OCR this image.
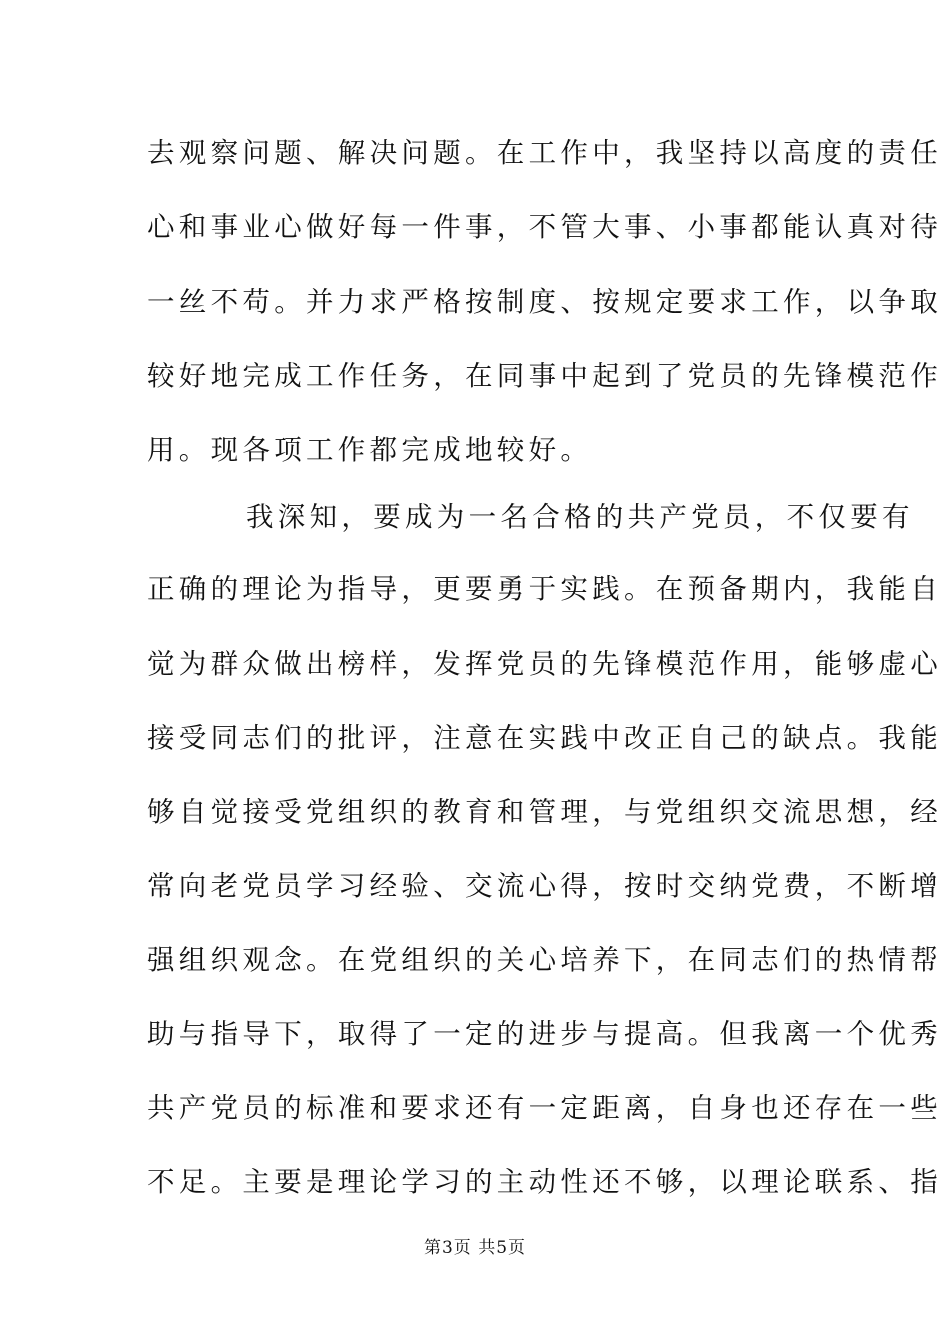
去观察问题、解决问题。在工作中，我坚持以高度的责任
心和事业心做好每一件事，不管大事、小事都能认真对待
一丝不苟。并力求严格按制度、按规定要求工作，以争取
较好地完成工作任务，在同事中起到了党员的先锋模范作
用。现各项工作都完成地较好。
我深知，要成为一名合格的共产党员，不仅要有
正确的理论为指导，更要勇于实践。在预备期内，我能自
觉为群众做出榜样，发挥党员的先锋模范作用，能够虚心
接受同志们的批评，注意在实践中改正自己的缺点。我能
够自觉接受党组织的教育和管理，与党组织交流思想，经
常向老党员学习经验、交流心得，按时交纳党费，不断增
强组织观念。在党组织的关心培养下，在同志们的热情帮
助与指导下，取得了一定的进步与提高。但我离一个优秀
共产党员的标准和要求还有一定距离，自身也还存在一些
不足。主要是理论学习的主动性还不够，以理论联系、指
第3页 共5页
